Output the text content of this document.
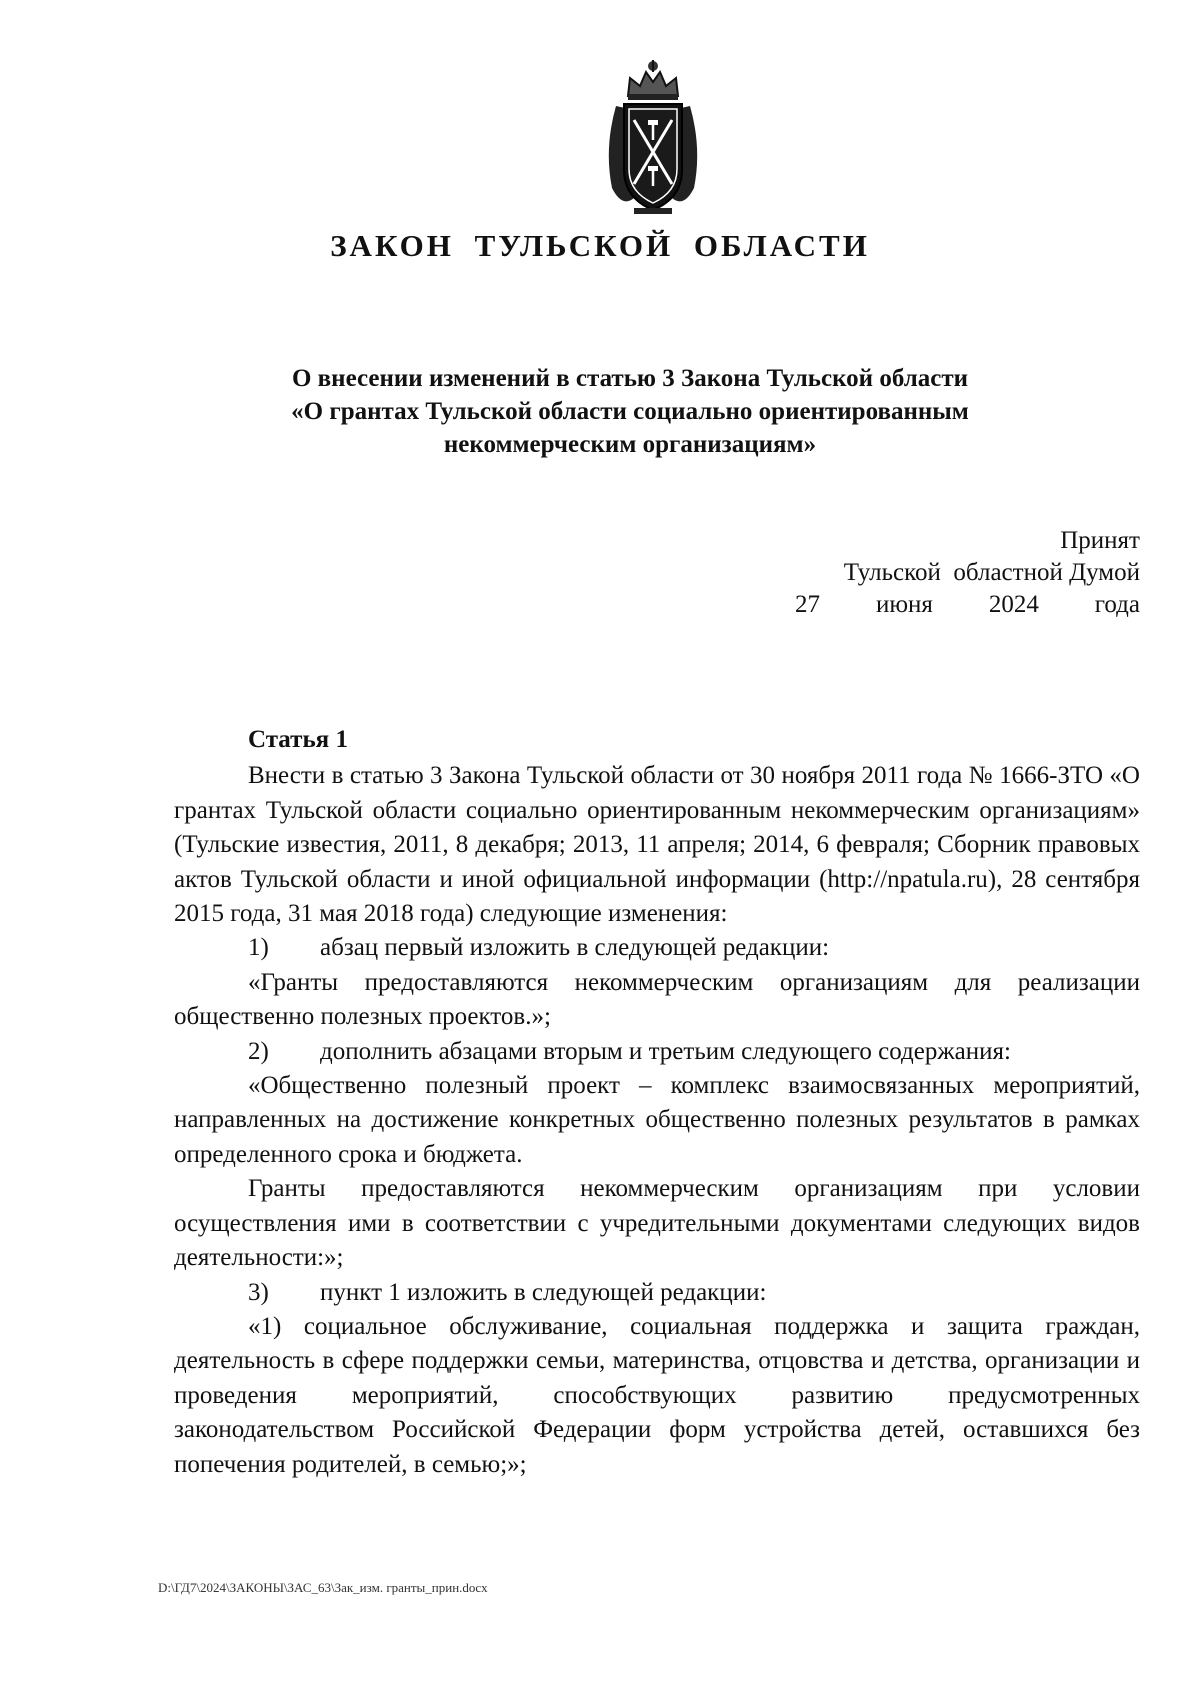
ЗАКОН ТУЛЬСКОЙ ОБЛАСТИ
О внесении изменений в статью 3 Закона Тульской области
«О грантах Тульской области социально ориентированным
некоммерческим организациям»
Принят
Тульской  областной Думой
27 июня 2024 года

Статья 1

Внести в статью 3 Закона Тульской области от 30 ноября 2011 года № 1666-ЗТО «О грантах Тульской области социально ориентированным некоммерческим организациям» (Тульские известия, 2011, 8 декабря; 2013, 11 апреля; 2014, 6 февраля; Сборник правовых актов Тульской области и иной официальной информации (http://npatula.ru), 28 сентября 2015 года, 31 мая 2018 года) следующие изменения:

1) абзац первый изложить в следующей редакции:

«Гранты предоставляются некоммерческим организациям для реализации общественно полезных проектов.»;

2) дополнить абзацами вторым и третьим следующего содержания:

«Общественно полезный проект – комплекс взаимосвязанных мероприятий, направленных на достижение конкретных общественно полезных результатов в рамках определенного срока и бюджета.

Гранты предоставляются некоммерческим организациям при условии осуществления ими в соответствии с учредительными документами следующих видов деятельности:»;

3) пункт 1 изложить в следующей редакции:

«1) социальное обслуживание, социальная поддержка и защита граждан, деятельность в сфере поддержки семьи, материнства, отцовства и детства, организации и проведения мероприятий, способствующих развитию предусмотренных законодательством Российской Федерации форм устройства детей, оставшихся без попечения родителей, в семью;»;

D:\ГД7\2024\ЗАКОНЫ\ЗАС_63\Зак_изм. гранты_прин.docx
